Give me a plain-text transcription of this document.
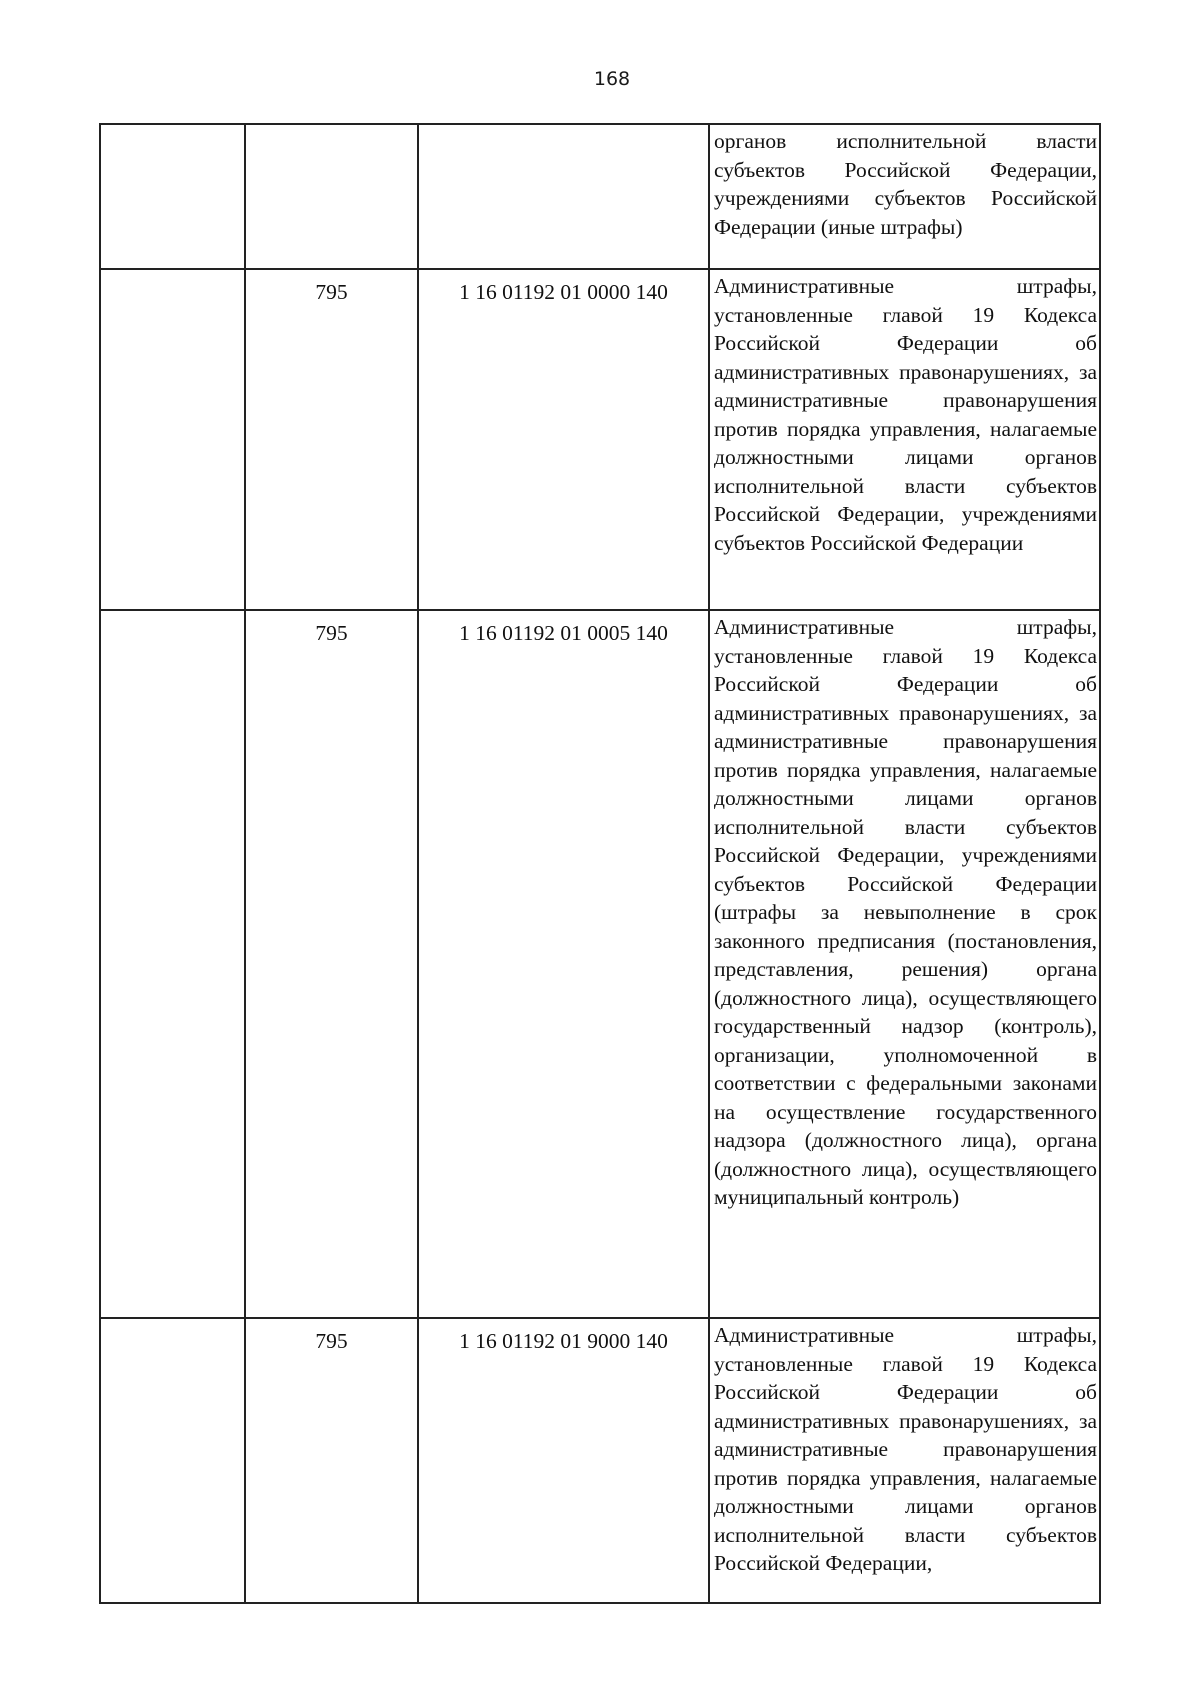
168

			органов исполнительной власти субъектов Российской Федерации, учреждениями субъектов Российской Федерации (иные штрафы)

	795	1 16 01192 01 0000 140	Административные штрафы, установленные главой 19 Кодекса Российской Федерации об административных правонарушениях, за административные правонарушения против порядка управления, налагаемые должностными лицами органов исполнительной власти субъектов Российской Федерации, учреждениями субъектов Российской Федерации

	795	1 16 01192 01 0005 140	Административные штрафы, установленные главой 19 Кодекса Российской Федерации об административных правонарушениях, за административные правонарушения против порядка управления, налагаемые должностными лицами органов исполнительной власти субъектов Российской Федерации, учреждениями субъектов Российской Федерации (штрафы за невыполнение в срок законного предписания (постановления, представления, решения) органа (должностного лица), осуществляющего государственный надзор (контроль), организации, уполномоченной в соответствии с федеральными законами на осуществление государственного надзора (должностного лица), органа (должностного лица), осуществляющего муниципальный контроль)

	795	1 16 01192 01 9000 140	Административные штрафы, установленные главой 19 Кодекса Российской Федерации об административных правонарушениях, за административные правонарушения против порядка управления, налагаемые должностными лицами органов исполнительной власти субъектов Российской Федерации,
